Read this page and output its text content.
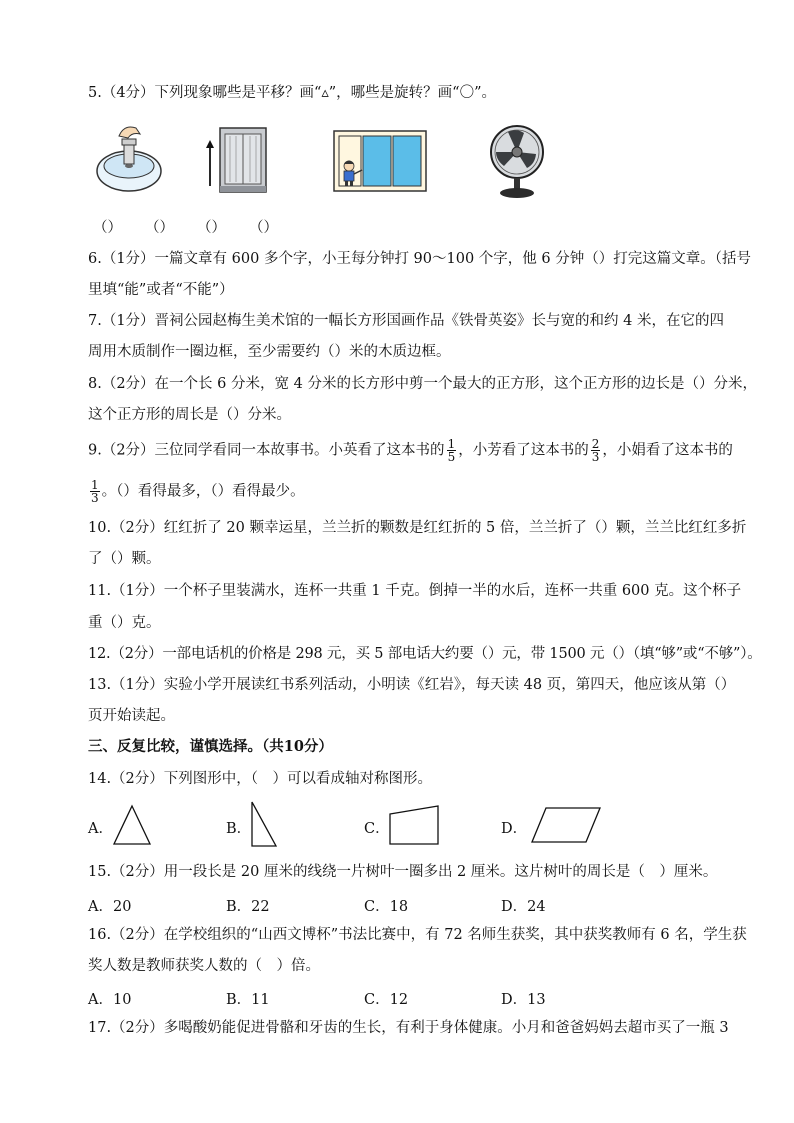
5.（4分）下列现象哪些是平移？画“▵”，哪些是旋转？画“〇”。
（） （） （） （）
6.（1分）一篇文章有 600 多个字，小王每分钟打 90～100 个字，他 6 分钟（）打完这篇文章。（括号
里填“能”或者“不能”）
7.（1分）晋祠公园赵梅生美术馆的一幅长方形国画作品《铁骨英姿》长与宽的和约 4 米，在它的四
周用木质制作一圈边框，至少需要约（）米的木质边框。
8.（2分）在一个长 6 分米，宽 4 分米的长方形中剪一个最大的正方形，这个正方形的边长是（）分米，
这个正方形的周长是（）分米。
9.（2分）三位同学看同一本故事书。小英看了这本书的 $\frac{1}{5}$ ，小芳看了这本书的 $\frac{2}{3}$ ，小娟看了这本书的
$\frac{1}{3}$ 。（）看得最多，（）看得最少。
10.（2分）红红折了 20 颗幸运星，兰兰折的颗数是红红折的 5 倍，兰兰折了（）颗，兰兰比红红多折
了（）颗。
11.（1分）一个杯子里装满水，连杯一共重 1 千克。倒掉一半的水后，连杯一共重 600 克。这个杯子
重（）克。
12.（2分）一部电话机的价格是 298 元，买 5 部电话大约要（）元，带 1500 元（）（填“够”或“不够”）。
13.（1分）实验小学开展读红书系列活动，小明读《红岩》，每天读 48 页，第四天，他应该从第（）
页开始读起。
三、反复比较，谨慎选择。（共10分）
14.（2分）下列图形中，（　）可以看成轴对称图形。
A．	B．	C．	D．
15.（2分）用一段长是 20 厘米的线绕一片树叶一圈多出 2 厘米。这片树叶的周长是（　）厘米。
A．20	B．22	C．18	D．24
16.（2分）在学校组织的“山西文博杯”书法比赛中，有 72 名师生获奖，其中获奖教师有 6 名，学生获
奖人数是教师获奖人数的（　）倍。
A．10	B．11	C．12	D．13
17.（2分）多喝酸奶能促进骨骼和牙齿的生长，有利于身体健康。小月和爸爸妈妈去超市买了一瓶 3
